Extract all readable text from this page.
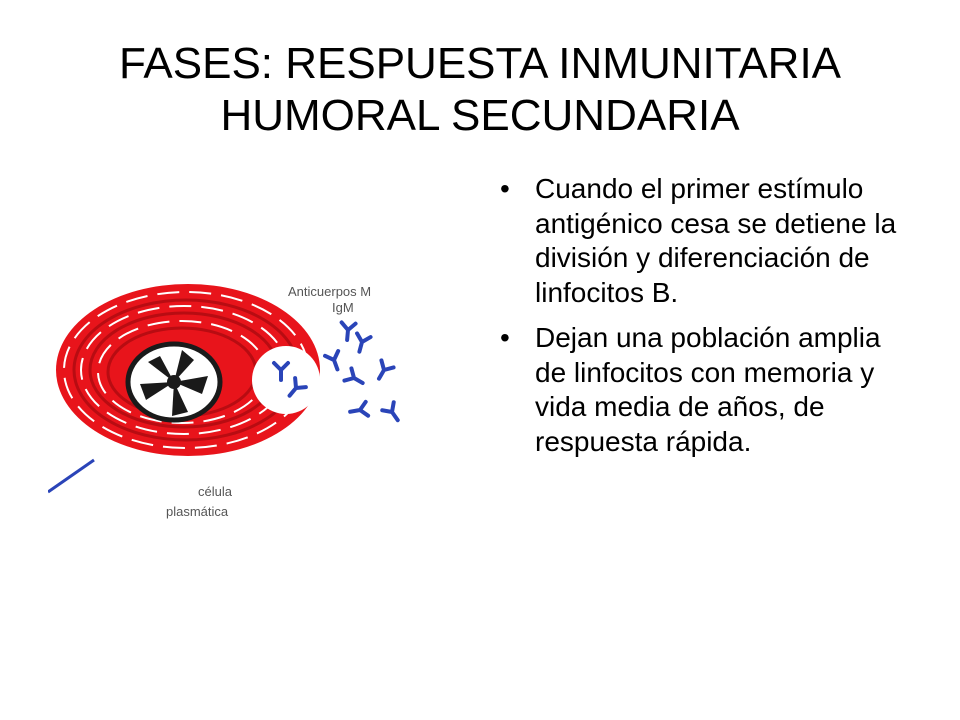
FASES: RESPUESTA INMUNITARIA
HUMORAL SECUNDARIA
Anticuerpos M
IgM
célula
plasmática
• Cuando el primer estímulo antigénico cesa se detiene la división y diferenciación de linfocitos B.
• Dejan una población amplia de linfocitos con memoria y vida media de años, de respuesta rápida.
